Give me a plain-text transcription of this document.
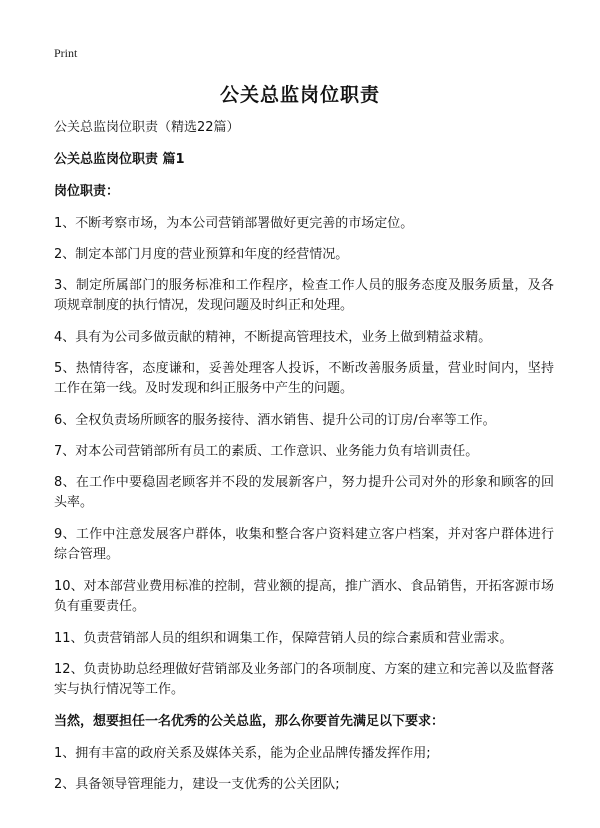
Print
公关总监岗位职责

公关总监岗位职责（精选22篇）

公关总监岗位职责 篇1

岗位职责：

1、不断考察市场，为本公司营销部署做好更完善的市场定位。

2、制定本部门月度的营业预算和年度的经营情况。

3、制定所属部门的服务标准和工作程序，检查工作人员的服务态度及服务质量，及各项规章制度的执行情况，发现问题及时纠正和处理。

4、具有为公司多做贡献的精神，不断提高管理技术，业务上做到精益求精。

5、热情待客，态度谦和，妥善处理客人投诉，不断改善服务质量，营业时间内，坚持工作在第一线。及时发现和纠正服务中产生的问题。

6、全权负责场所顾客的服务接待、酒水销售、提升公司的订房/台率等工作。

7、对本公司营销部所有员工的素质、工作意识、业务能力负有培训责任。

8、在工作中要稳固老顾客并不段的发展新客户，努力提升公司对外的形象和顾客的回头率。

9、工作中注意发展客户群体，收集和整合客户资料建立客户档案，并对客户群体进行综合管理。

10、对本部营业费用标准的控制，营业额的提高，推广酒水、食品销售，开拓客源市场负有重要责任。

11、负责营销部人员的组织和调集工作，保障营销人员的综合素质和营业需求。

12、负责协助总经理做好营销部及业务部门的各项制度、方案的建立和完善以及监督落实与执行情况等工作。

当然，想要担任一名优秀的公关总监，那么你要首先满足以下要求：

1、拥有丰富的政府关系及媒体关系，能为企业品牌传播发挥作用;

2、具备领导管理能力，建设一支优秀的公关团队;
